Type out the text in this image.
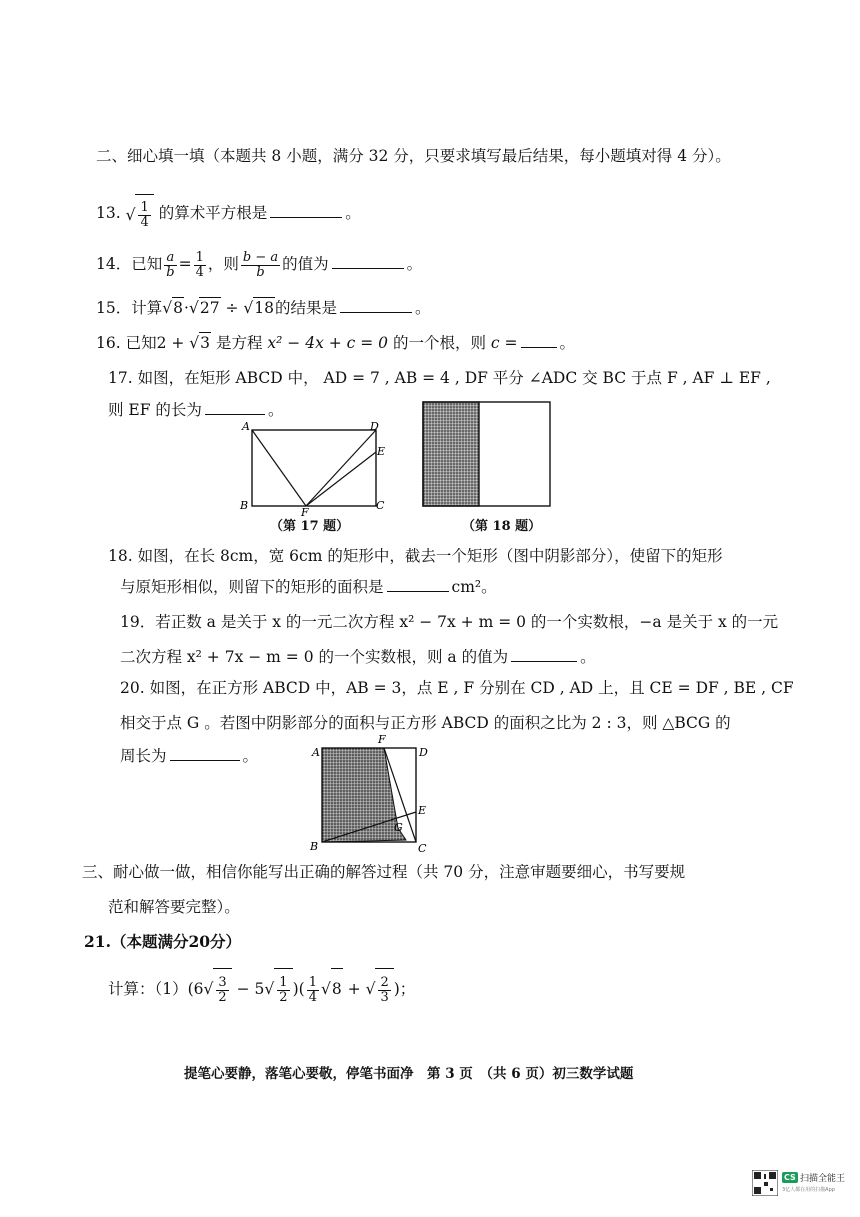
二、细心填一填（本题共 8 小题，满分 32 分，只要求填写最后结果，每小题填对得 4 分）。
13. √ $\frac{1}{4}$ 的算术平方根是	。
14．已知 $\frac{a}{b} = \frac{1}{4}$ ，则 $\frac{b - a}{b}$ 的值为	。
15．计算√8·√27 ÷ √18的结果是	。
16. 已知2 + √3 是方程 x² − 4x + c = 0 的一个根，则 c =	。
17. 如图，在矩形 ABCD 中， AD = 7 , AB = 4 , DF 平分 ∠ADC 交 BC 于点 F , AF ⊥ EF ,
则 EF 的长为	。
A	D
E
B	C
F
（第 17 题）	（第 18 题）
18. 如图，在长 8cm，宽 6cm 的矩形中，截去一个矩形（图中阴影部分），使留下的矩形
与原矩形相似，则留下的矩形的面积是	cm²。
19．若正数 a 是关于 x 的一元二次方程 x² − 7x + m = 0 的一个实数根，−a 是关于 x 的一元
二次方程 x² + 7x − m = 0 的一个实数根，则 a 的值为	。
20. 如图，在正方形 ABCD 中，AB = 3，点 E , F 分别在 CD , AD 上，且 CE = DF , BE , CF
相交于点 G 。若图中阴影部分的面积与正方形 ABCD 的面积之比为 2 : 3，则 △BCG 的
周长为	。	A
F
D
E
G
B	C
三、耐心做一做，相信你能写出正确的解答过程（共 70 分，注意审题要细心，书写要规
范和解答要完整）。
21.（本题满分20分）
计算：$(1)(6√ \frac{3}{2} - 5√ \frac{1}{2}$ )( $\frac{1}{4} √8$ + √ $\frac{2}{3}$ )；
提笔心要静，落笔心要敬，停笔书面净　第 3 页　（共 6 页）初三数学试题
CS 扫描全能王
3亿人都在用的扫描App
